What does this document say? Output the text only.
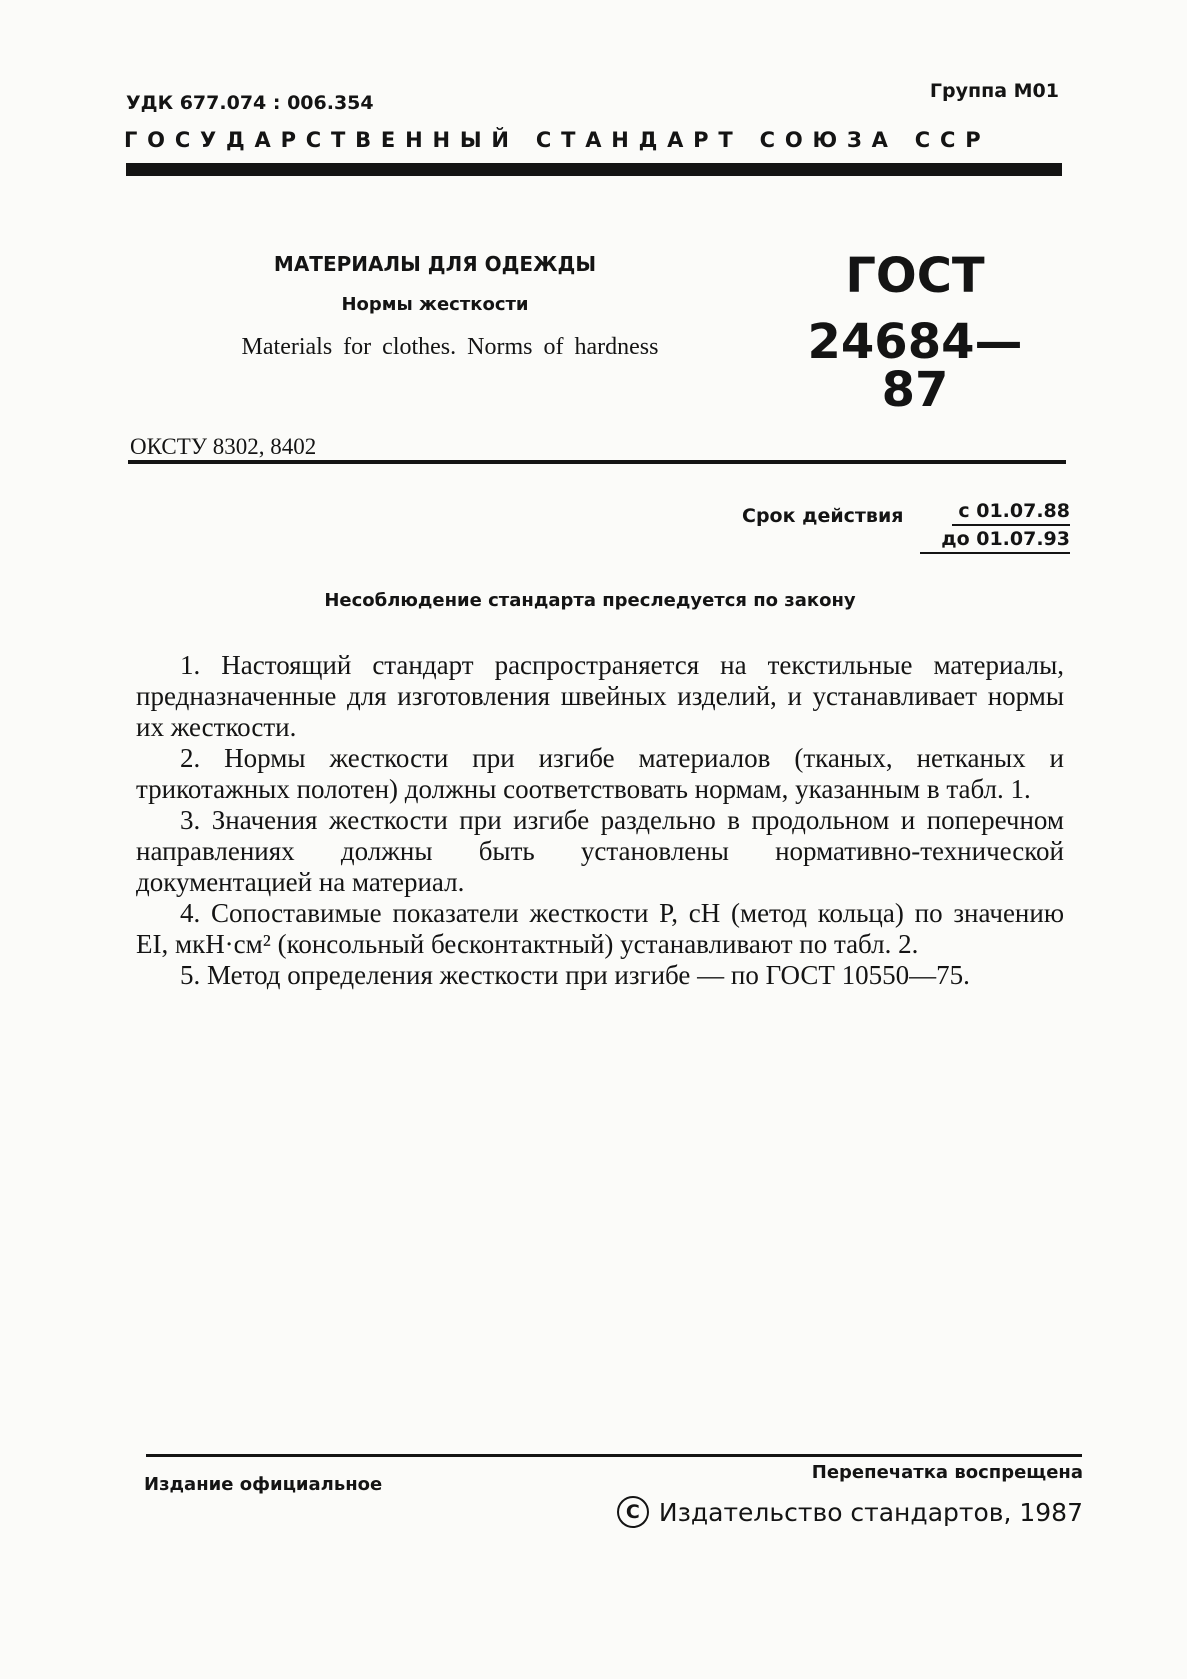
УДК 677.074 : 006.354
Группа М01
ГОСУДАРСТВЕННЫЙ СТАНДАРТ СОЮЗА ССР
МАТЕРИАЛЫ ДЛЯ ОДЕЖДЫ
Нормы жесткости
Materials for clothes. Norms of hardness
ГОСТ
24684—87
ОКСТУ 8302, 8402
Срок действия	с 01.07.88
до 01.07.93
Несоблюдение стандарта преследуется по закону

1. Настоящий стандарт распространяется на текстильные материалы, предназначенные для изготовления швейных изделий, и устанавливает нормы их жесткости.

2. Нормы жесткости при изгибе материалов (тканых, нетканых и трикотажных полотен) должны соответствовать нормам, указанным в табл. 1.

3. Значения жесткости при изгибе раздельно в продольном и поперечном направлениях должны быть установлены нормативно-технической документацией на материал.

4. Сопоставимые показатели жесткости P, сН (метод кольца) по значению EI, мкН·см² (консольный бесконтактный) устанавливают по табл. 2.

5. Метод определения жесткости при изгибе — по ГОСТ 10550—75.

Издание официальное
Перепечатка воспрещена
C Издательство стандартов, 1987
